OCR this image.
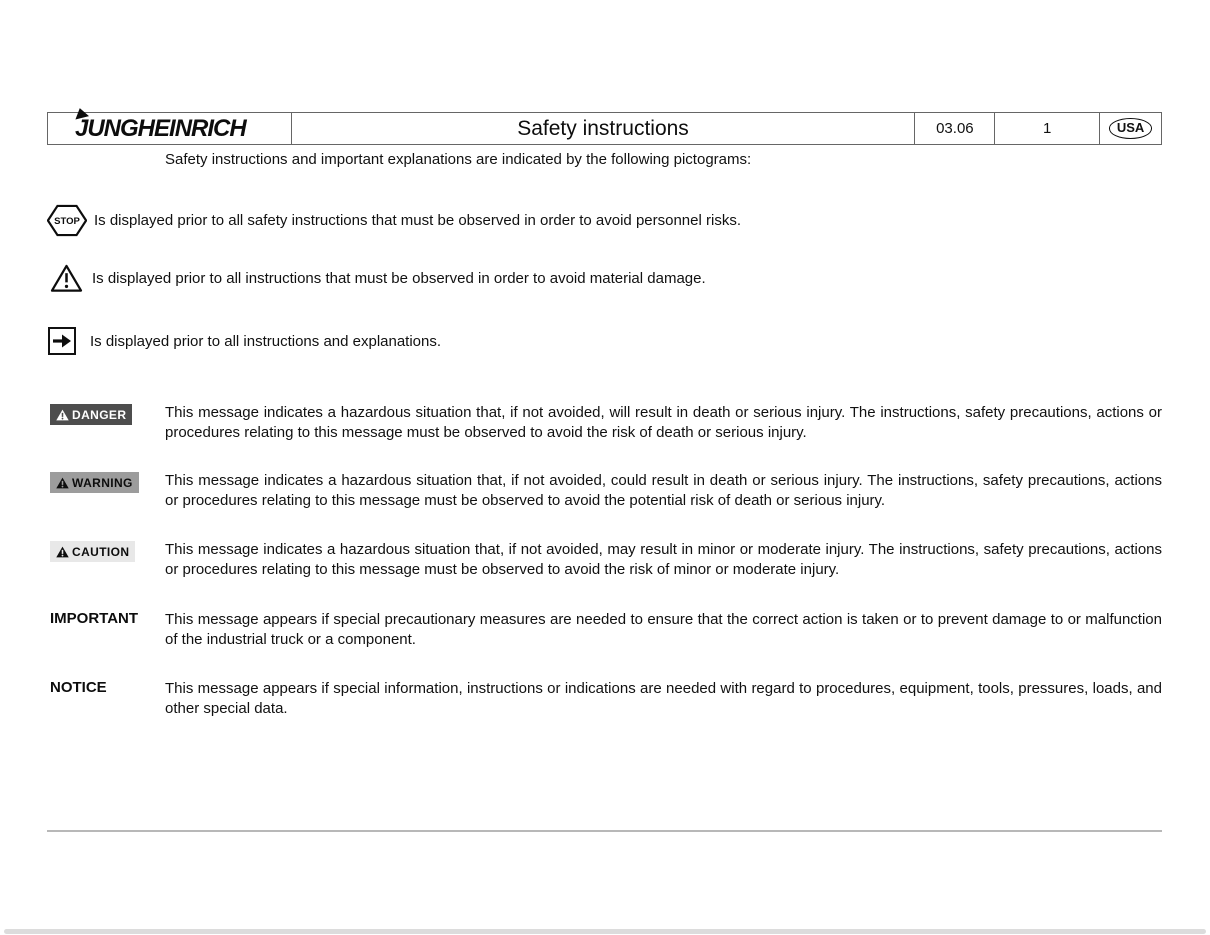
JUNGHEINRICH	Safety instructions	03.06	1	USA
Safety instructions and important explanations are indicated by the following pictograms:
STOP Is displayed prior to all safety instructions that must be observed in order to avoid personnel risks.
Is displayed prior to all instructions that must be observed in order to avoid material damage.
Is displayed prior to all instructions and explanations.
DANGER	This message indicates a hazardous situation that, if not avoided, will result in death or serious injury. The instructions, safety precautions, actions or procedures relating to this message must be observed to avoid the risk of death or serious injury.
WARNING This message indicates a hazardous situation that, if not avoided, could result in death or serious injury. The instructions, safety precautions, actions or procedures relating to this message must be observed to avoid the potential risk of death or serious injury.
CAUTION This message indicates a hazardous situation that, if not avoided, may result in minor or moderate injury. The instructions, safety precautions, actions or procedures relating to this message must be observed to avoid the risk of minor or moderate injury.
IMPORTANT This message appears if special precautionary measures are needed to ensure that the correct action is taken or to prevent damage to or malfunction of the industrial truck or a component.
NOTICE	This message appears if special information, instructions or indications are needed with regard to procedures, equipment, tools, pressures, loads, and other special data.
